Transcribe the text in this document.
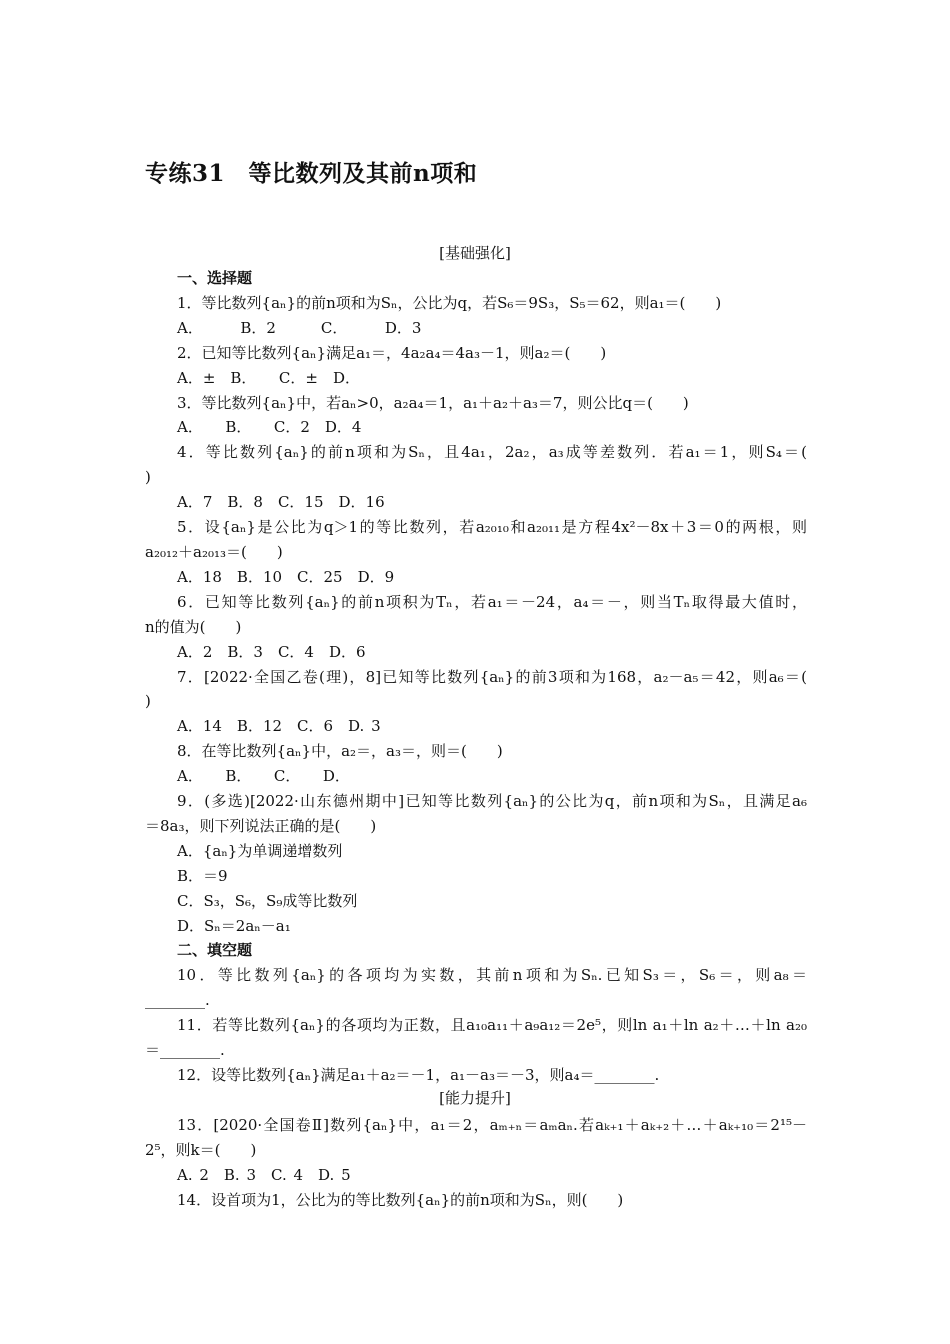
专练31　等比数列及其前n项和
[基础强化]
[能力提升]
一、选择题
1．等比数列{aₙ}的前n项和为Sₙ，公比为q，若S₆＝9S₃，S₅＝62，则a₁＝(　　)
A．　　　B．2　　　C．　　　D．3
2．已知等比数列{aₙ}满足a₁＝，4a₂a₄＝4a₃－1，则a₂＝(　　)
A．±　B．　　C．±　D．
3．等比数列{aₙ}中，若aₙ>0，a₂a₄＝1，a₁＋a₂＋a₃＝7，则公比q＝(　　)
A．　　B．　　C．2　D．4
4．等比数列{aₙ}的前n项和为Sₙ，且4a₁，2a₂，a₃成等差数列．若a₁＝1，则S₄＝(
)
A．7　B．8　C．15　D．16
5．设{aₙ}是公比为q＞1的等比数列，若a₂₀₁₀和a₂₀₁₁是方程4x²－8x＋3＝0的两根，则
a₂₀₁₂＋a₂₀₁₃＝(　　)
A．18　B．10　C．25　D．9
6．已知等比数列{aₙ}的前n项积为Tₙ，若a₁＝－24，a₄＝－，则当Tₙ取得最大值时，
n的值为(　　)
A．2　B．3　C．4　D．6
7．[2022·全国乙卷(理)，8]已知等比数列{aₙ}的前3项和为168，a₂－a₅＝42，则a₆＝(
)
A．14　B．12　C．6　D. 3
8．在等比数列{aₙ}中，a₂＝，a₃＝，则＝(　　)
A．　　B．　　C．　　D．
9．(多选)[2022·山东德州期中]已知等比数列{aₙ}的公比为q，前n项和为Sₙ，且满足a₆
＝8a₃，则下列说法正确的是(　　)
A．{aₙ}为单调递增数列
B．＝9
C．S₃，S₆，S₉成等比数列
D．Sₙ＝2aₙ－a₁
二、填空题
10．等比数列{aₙ}的各项均为实数，其前n项和为Sₙ.已知S₃＝，S₆＝，则a₈＝
________.
11．若等比数列{aₙ}的各项均为正数，且a₁₀a₁₁＋a₉a₁₂＝2e⁵，则ln a₁＋ln a₂＋…＋ln a₂₀
＝________.
12．设等比数列{aₙ}满足a₁＋a₂＝－1，a₁－a₃＝－3，则a₄＝________.

13．[2020·全国卷Ⅱ]数列{aₙ}中，a₁＝2，aₘ₊ₙ＝aₘaₙ.若aₖ₊₁＋aₖ₊₂＋…＋aₖ₊₁₀＝2¹⁵－
2⁵，则k＝(　　)
A. 2　B. 3　C. 4　D. 5
14．设首项为1，公比为的等比数列{aₙ}的前n项和为Sₙ，则(　　)
